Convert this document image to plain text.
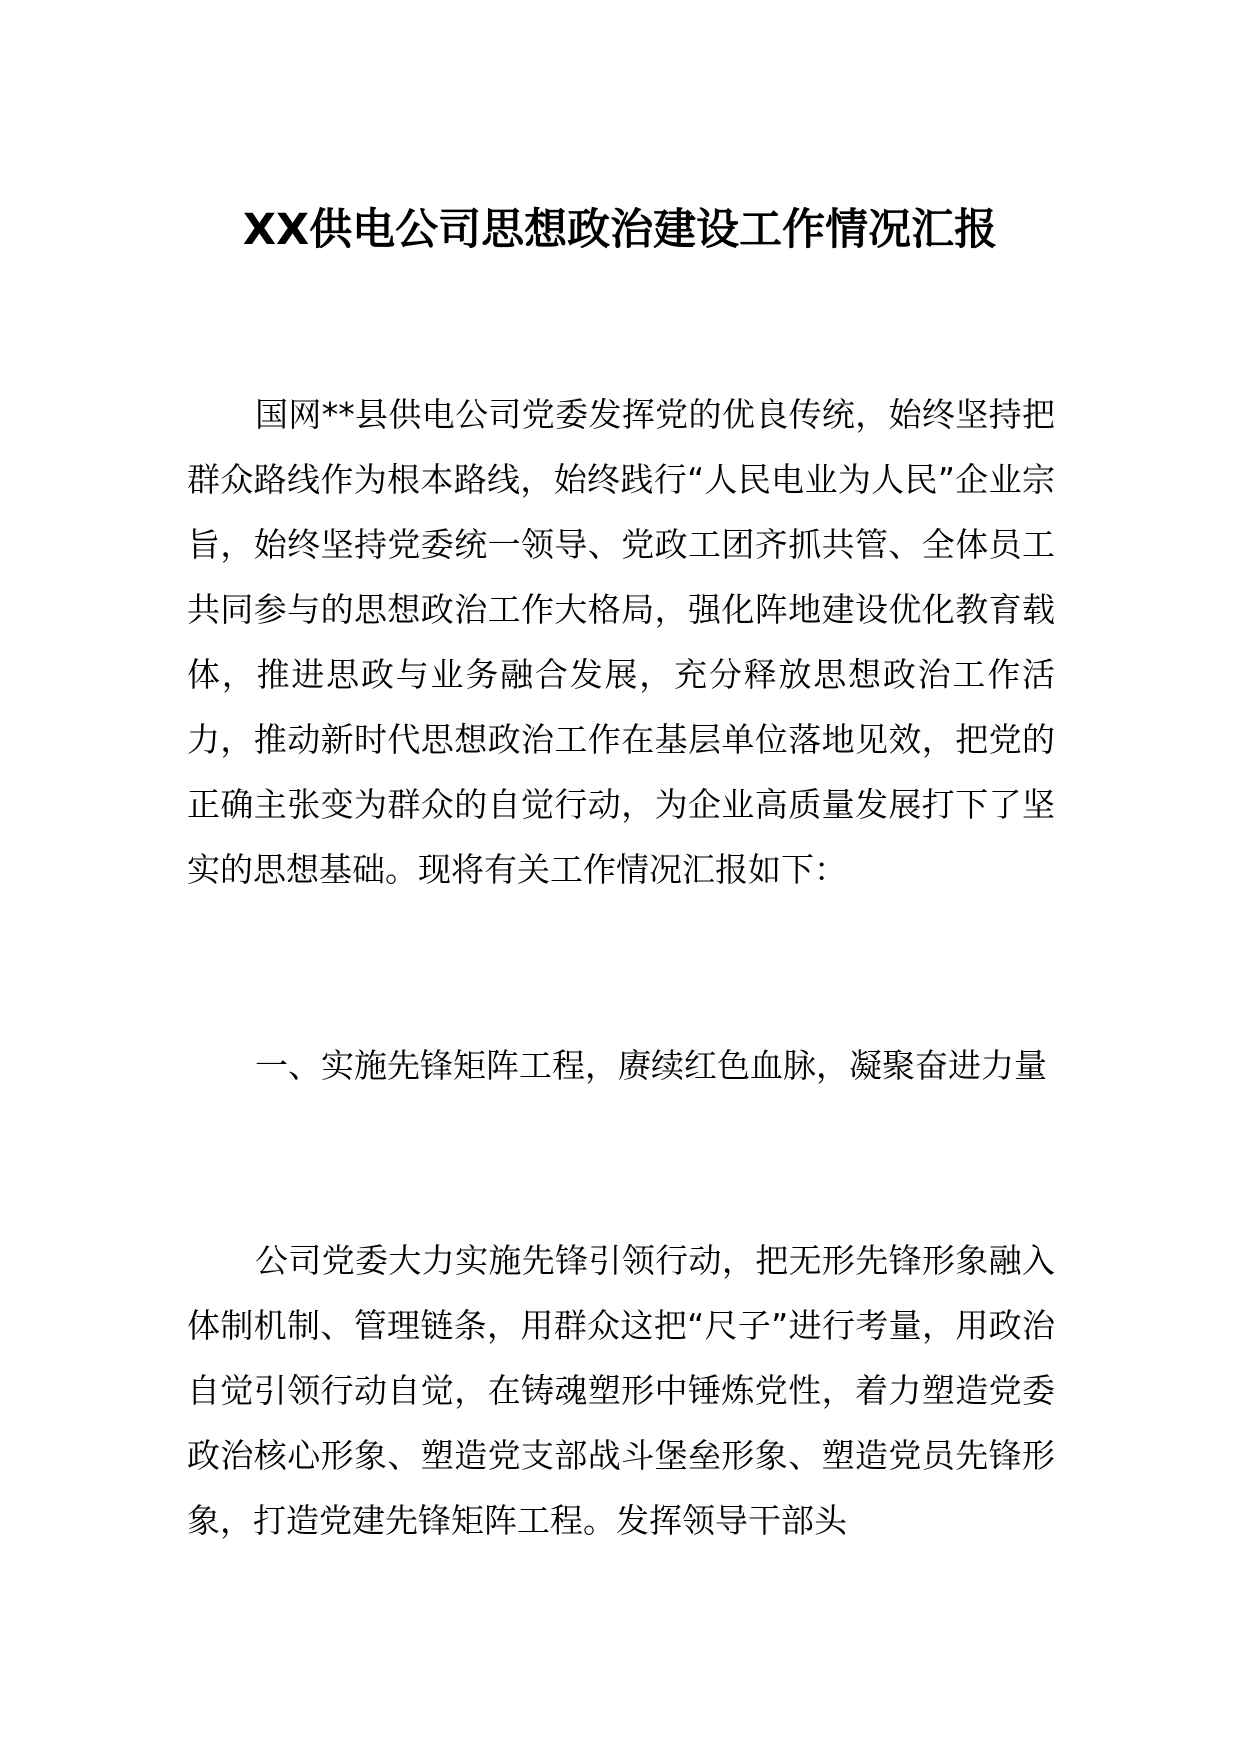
XX供电公司思想政治建设工作情况汇报

国网**县供电公司党委发挥党的优良传统，始终坚持把群众路线作为根本路线，始终践行“人民电业为人民”企业宗旨，始终坚持党委统一领导、党政工团齐抓共管、全体员工共同参与的思想政治工作大格局，强化阵地建设优化教育载体，推进思政与业务融合发展，充分释放思想政治工作活力，推动新时代思想政治工作在基层单位落地见效，把党的正确主张变为群众的自觉行动，为企业高质量发展打下了坚实的思想基础。现将有关工作情况汇报如下：

一、实施先锋矩阵工程，赓续红色血脉，凝聚奋进力量

公司党委大力实施先锋引领行动，把无形先锋形象融入体制机制、管理链条，用群众这把“尺子”进行考量，用政治自觉引领行动自觉，在铸魂塑形中锤炼党性，着力塑造党委政治核心形象、塑造党支部战斗堡垒形象、塑造党员先锋形象，打造党建先锋矩阵工程。发挥领导干部头
